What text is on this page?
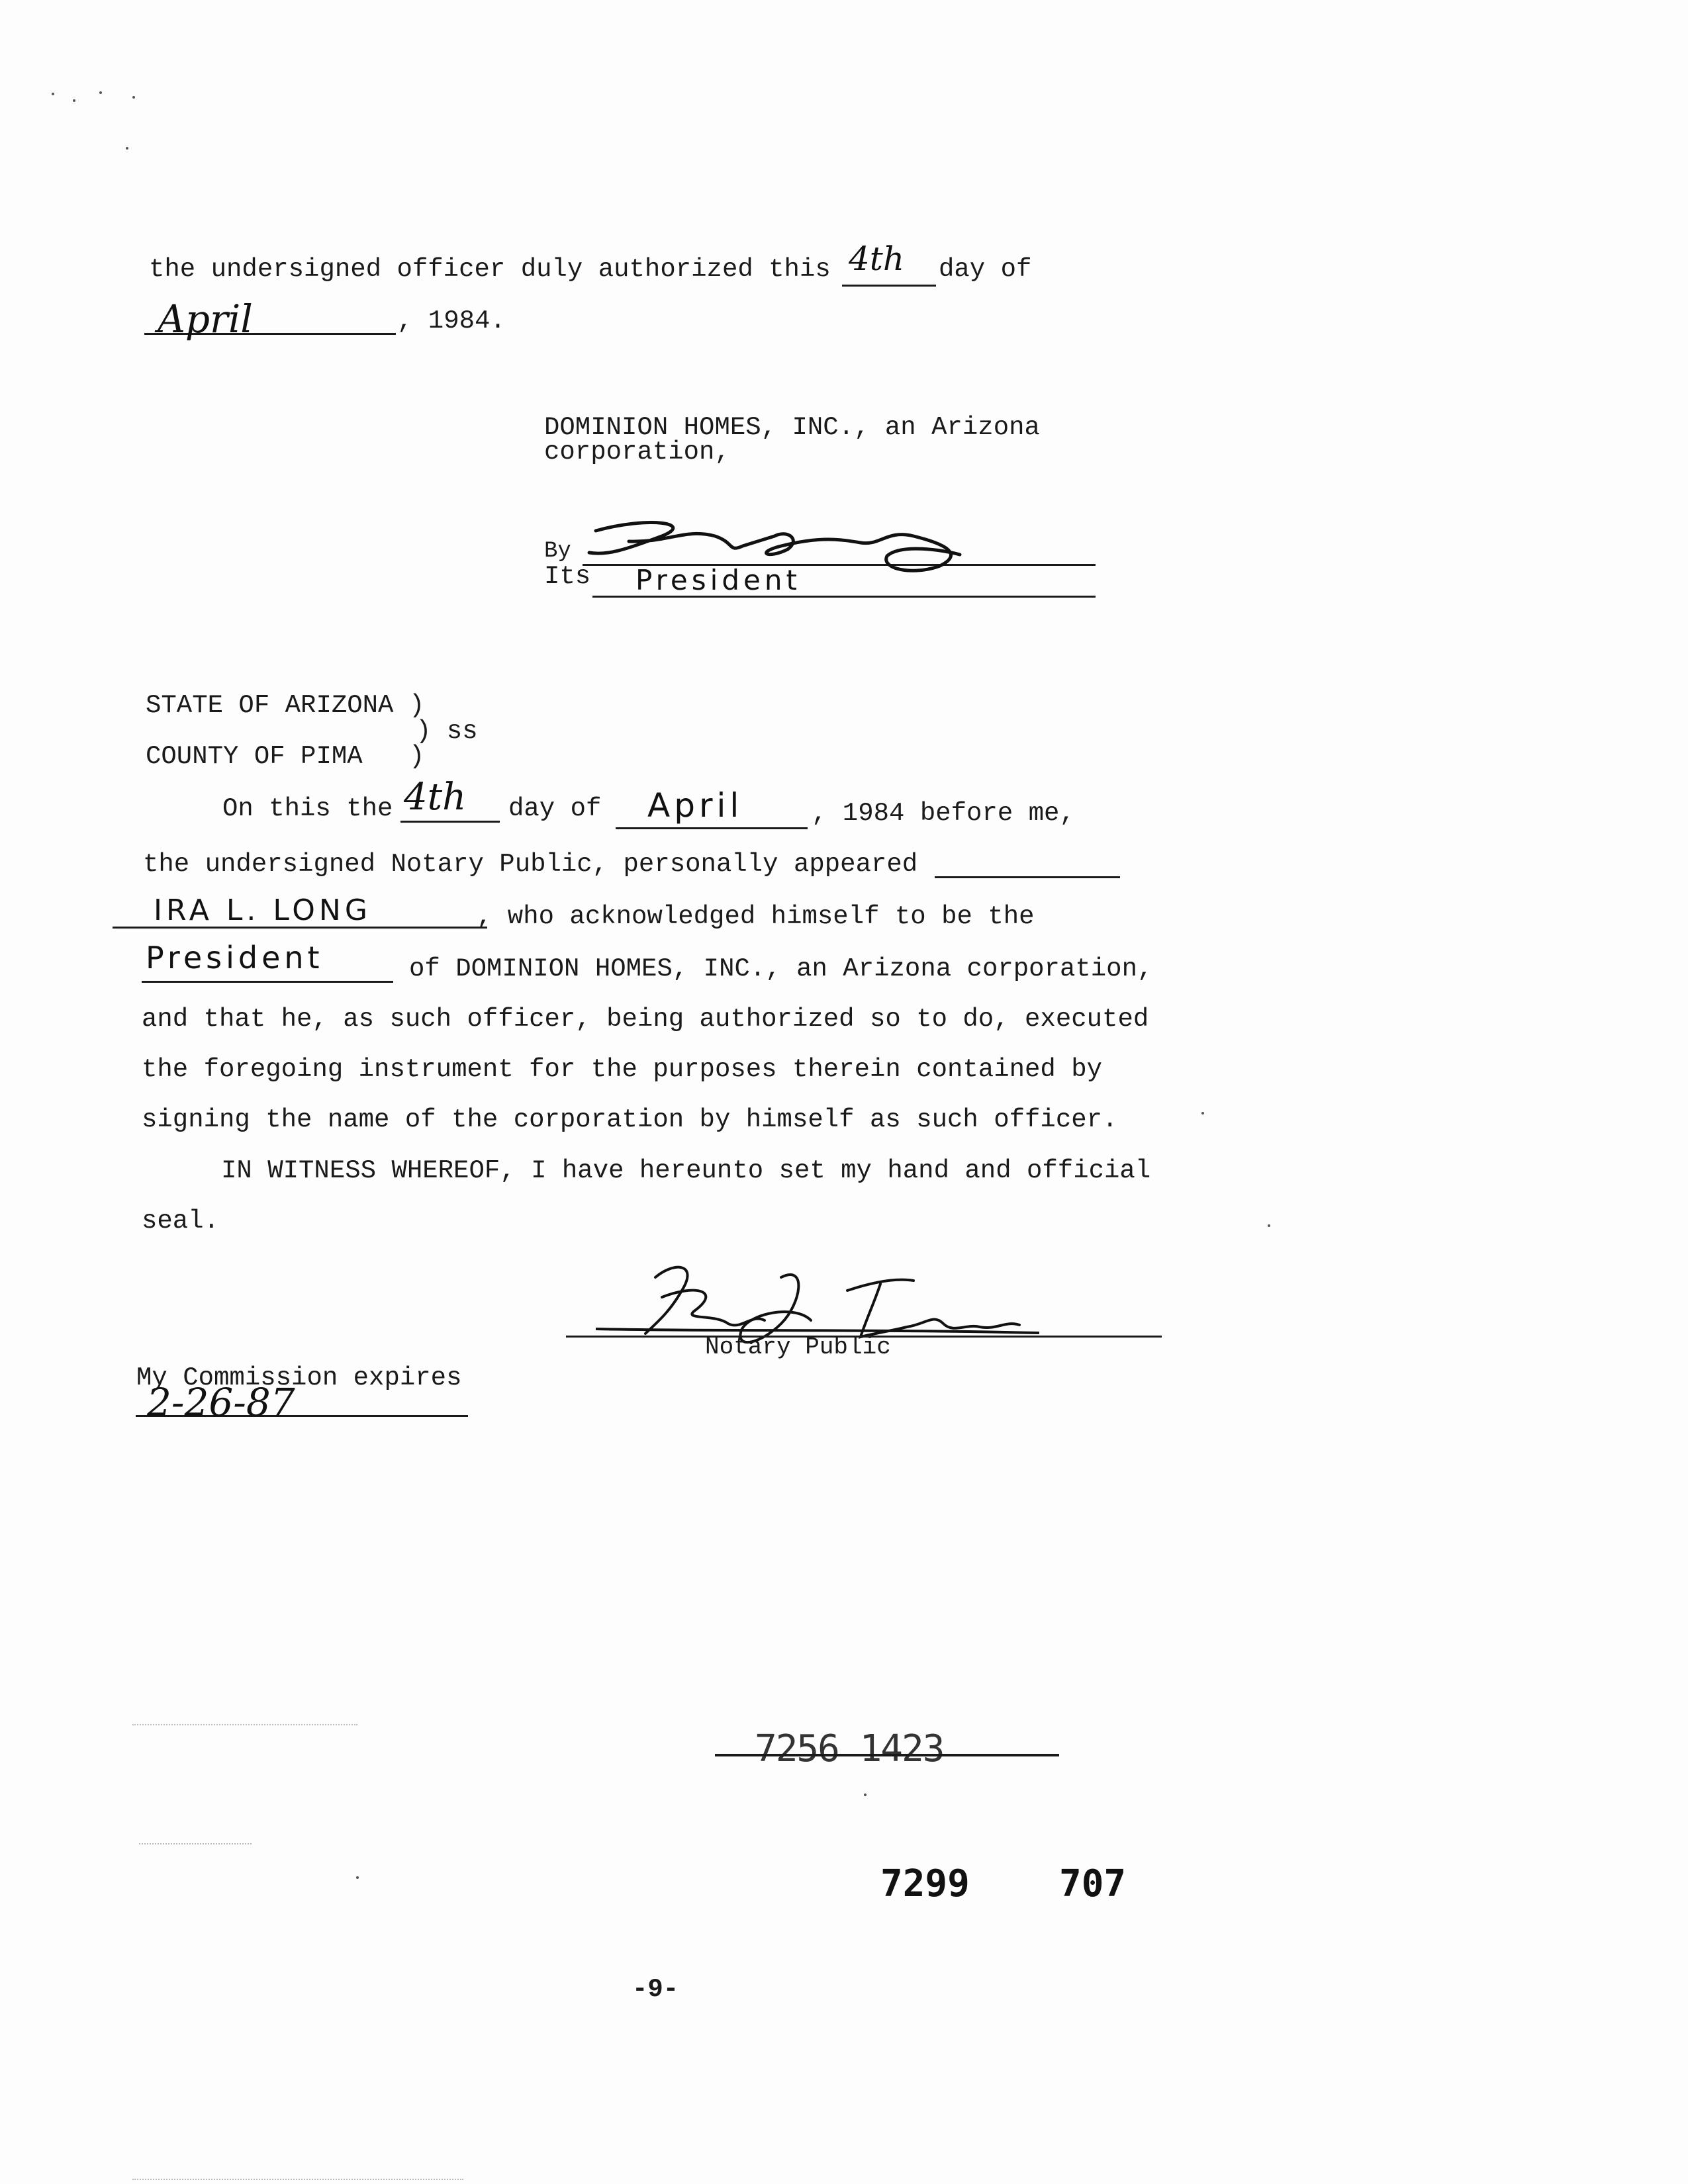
the undersigned officer duly authorized this 4th day of
April	, 1984.
DOMINION HOMES, INC., an Arizona
corporation,
By
Its President
STATE OF ARIZONA )
) ss
COUNTY OF PIMA   )
On this the 4th day of April	, 1984 before me,
the undersigned Notary Public, personally appeared
IRA L. LONG	, who acknowledged himself to be the
President	of DOMINION HOMES, INC., an Arizona corporation,
and that he, as such officer, being authorized so to do, executed
the foregoing instrument for the purposes therein contained by
signing the name of the corporation by himself as such officer.
IN WITNESS WHEREOF, I have hereunto set my hand and official
seal.
Notary Public
My Commission expires
2-26-87
7256 1423
7299 707
-9-
